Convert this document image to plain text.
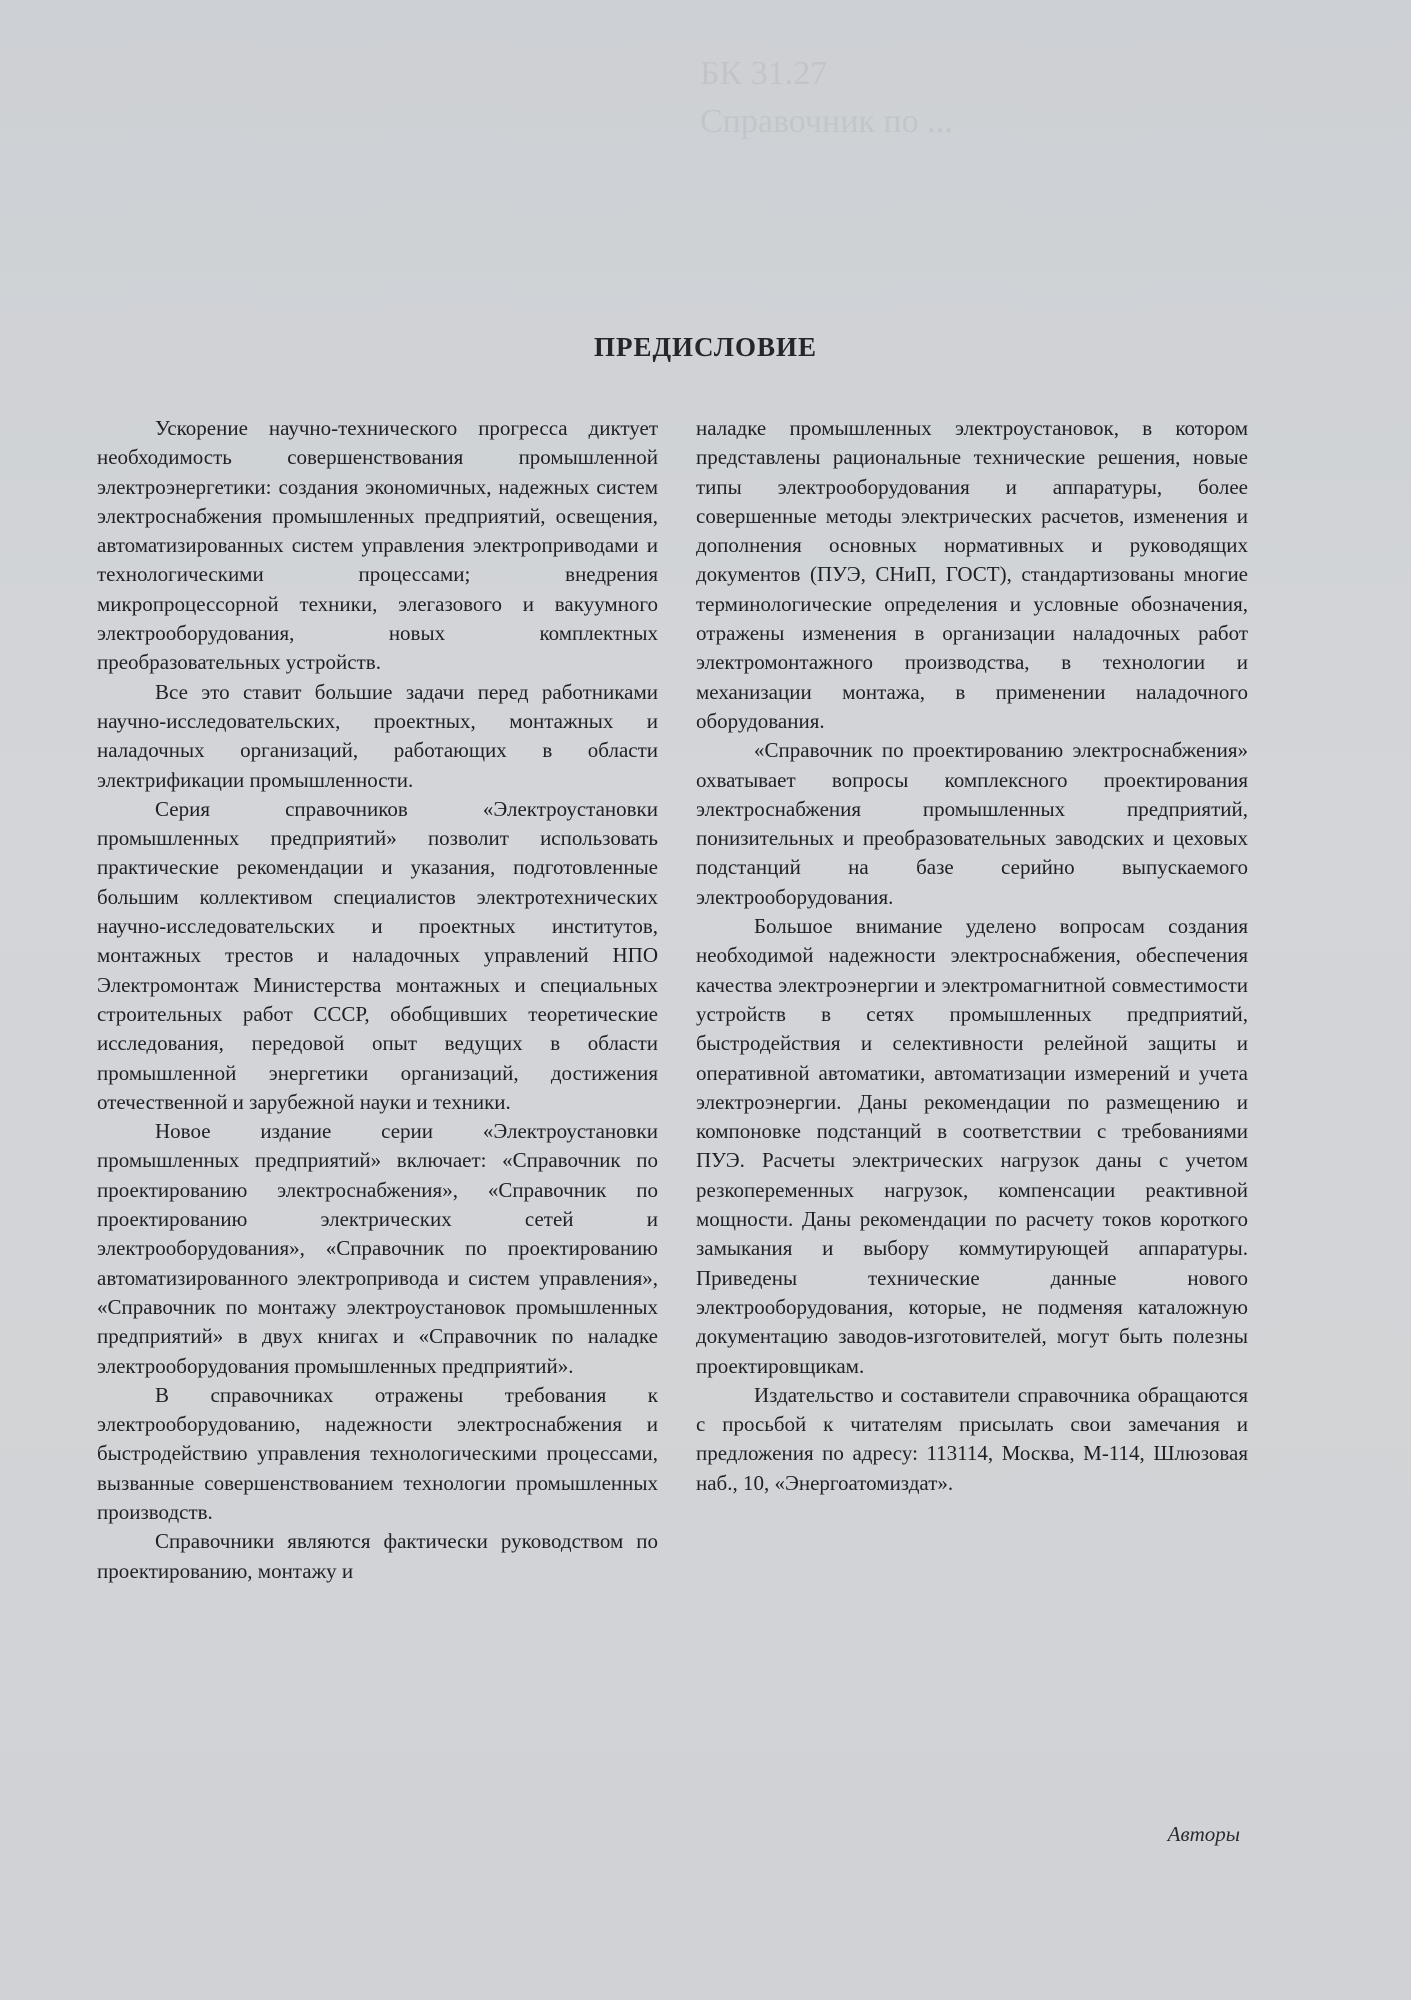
БК 31.27
Справочник по ...
ПРЕДИСЛОВИЕ

Ускорение научно-технического прогресса диктует необходимость совершенствования промышленной электроэнергетики: создания экономичных, надежных систем электроснабжения промышленных предприятий, освещения, автоматизированных систем управления электроприводами и технологическими процессами; внедрения микропроцессорной техники, элегазового и вакуумного электрооборудования, новых комплектных преобразовательных устройств.

Все это ставит большие задачи перед работниками научно-исследовательских, проектных, монтажных и наладочных организаций, работающих в области электрификации промышленности.

Серия справочников «Электроустановки промышленных предприятий» позволит использовать практические рекомендации и указания, подготовленные большим коллективом специалистов электротехнических научно-исследовательских и проектных институтов, монтажных трестов и наладочных управлений НПО Электромонтаж Министерства монтажных и специальных строительных работ СССР, обобщивших теоретические исследования, передовой опыт ведущих в области промышленной энергетики организаций, достижения отечественной и зарубежной науки и техники.

Новое издание серии «Электроустановки промышленных предприятий» включает: «Справочник по проектированию электроснабжения», «Справочник по проектированию электрических сетей и электрооборудования», «Справочник по проектированию автоматизированного электропривода и систем управления», «Справочник по монтажу электроустановок промышленных предприятий» в двух книгах и «Справочник по наладке электрооборудования промышленных предприятий».

В справочниках отражены требования к электрооборудованию, надежности электроснабжения и быстродействию управления технологическими процессами, вызванные совершенствованием технологии промышленных производств.

Справочники являются фактически руководством по проектированию, монтажу и

наладке промышленных электроустановок, в котором представлены рациональные технические решения, новые типы электрооборудования и аппаратуры, более совершенные методы электрических расчетов, изменения и дополнения основных нормативных и руководящих документов (ПУЭ, СНиП, ГОСТ), стандартизованы многие терминологические определения и условные обозначения, отражены изменения в организации наладочных работ электромонтажного производства, в технологии и механизации монтажа, в применении наладочного оборудования.

«Справочник по проектированию электроснабжения» охватывает вопросы комплексного проектирования электроснабжения промышленных предприятий, понизительных и преобразовательных заводских и цеховых подстанций на базе серийно выпускаемого электрооборудования.

Большое внимание уделено вопросам создания необходимой надежности электроснабжения, обеспечения качества электроэнергии и электромагнитной совместимости устройств в сетях промышленных предприятий, быстродействия и селективности релейной защиты и оперативной автоматики, автоматизации измерений и учета электроэнергии. Даны рекомендации по размещению и компоновке подстанций в соответствии с требованиями ПУЭ. Расчеты электрических нагрузок даны с учетом резкопеременных нагрузок, компенсации реактивной мощности. Даны рекомендации по расчету токов короткого замыкания и выбору коммутирующей аппаратуры. Приведены технические данные нового электрооборудования, которые, не подменяя каталожную документацию заводов-изготовителей, могут быть полезны проектировщикам.

Издательство и составители справочника обращаются с просьбой к читателям присылать свои замечания и предложения по адресу: 113114, Москва, М-114, Шлюзовая наб., 10, «Энергоатомиздат».

Авторы
